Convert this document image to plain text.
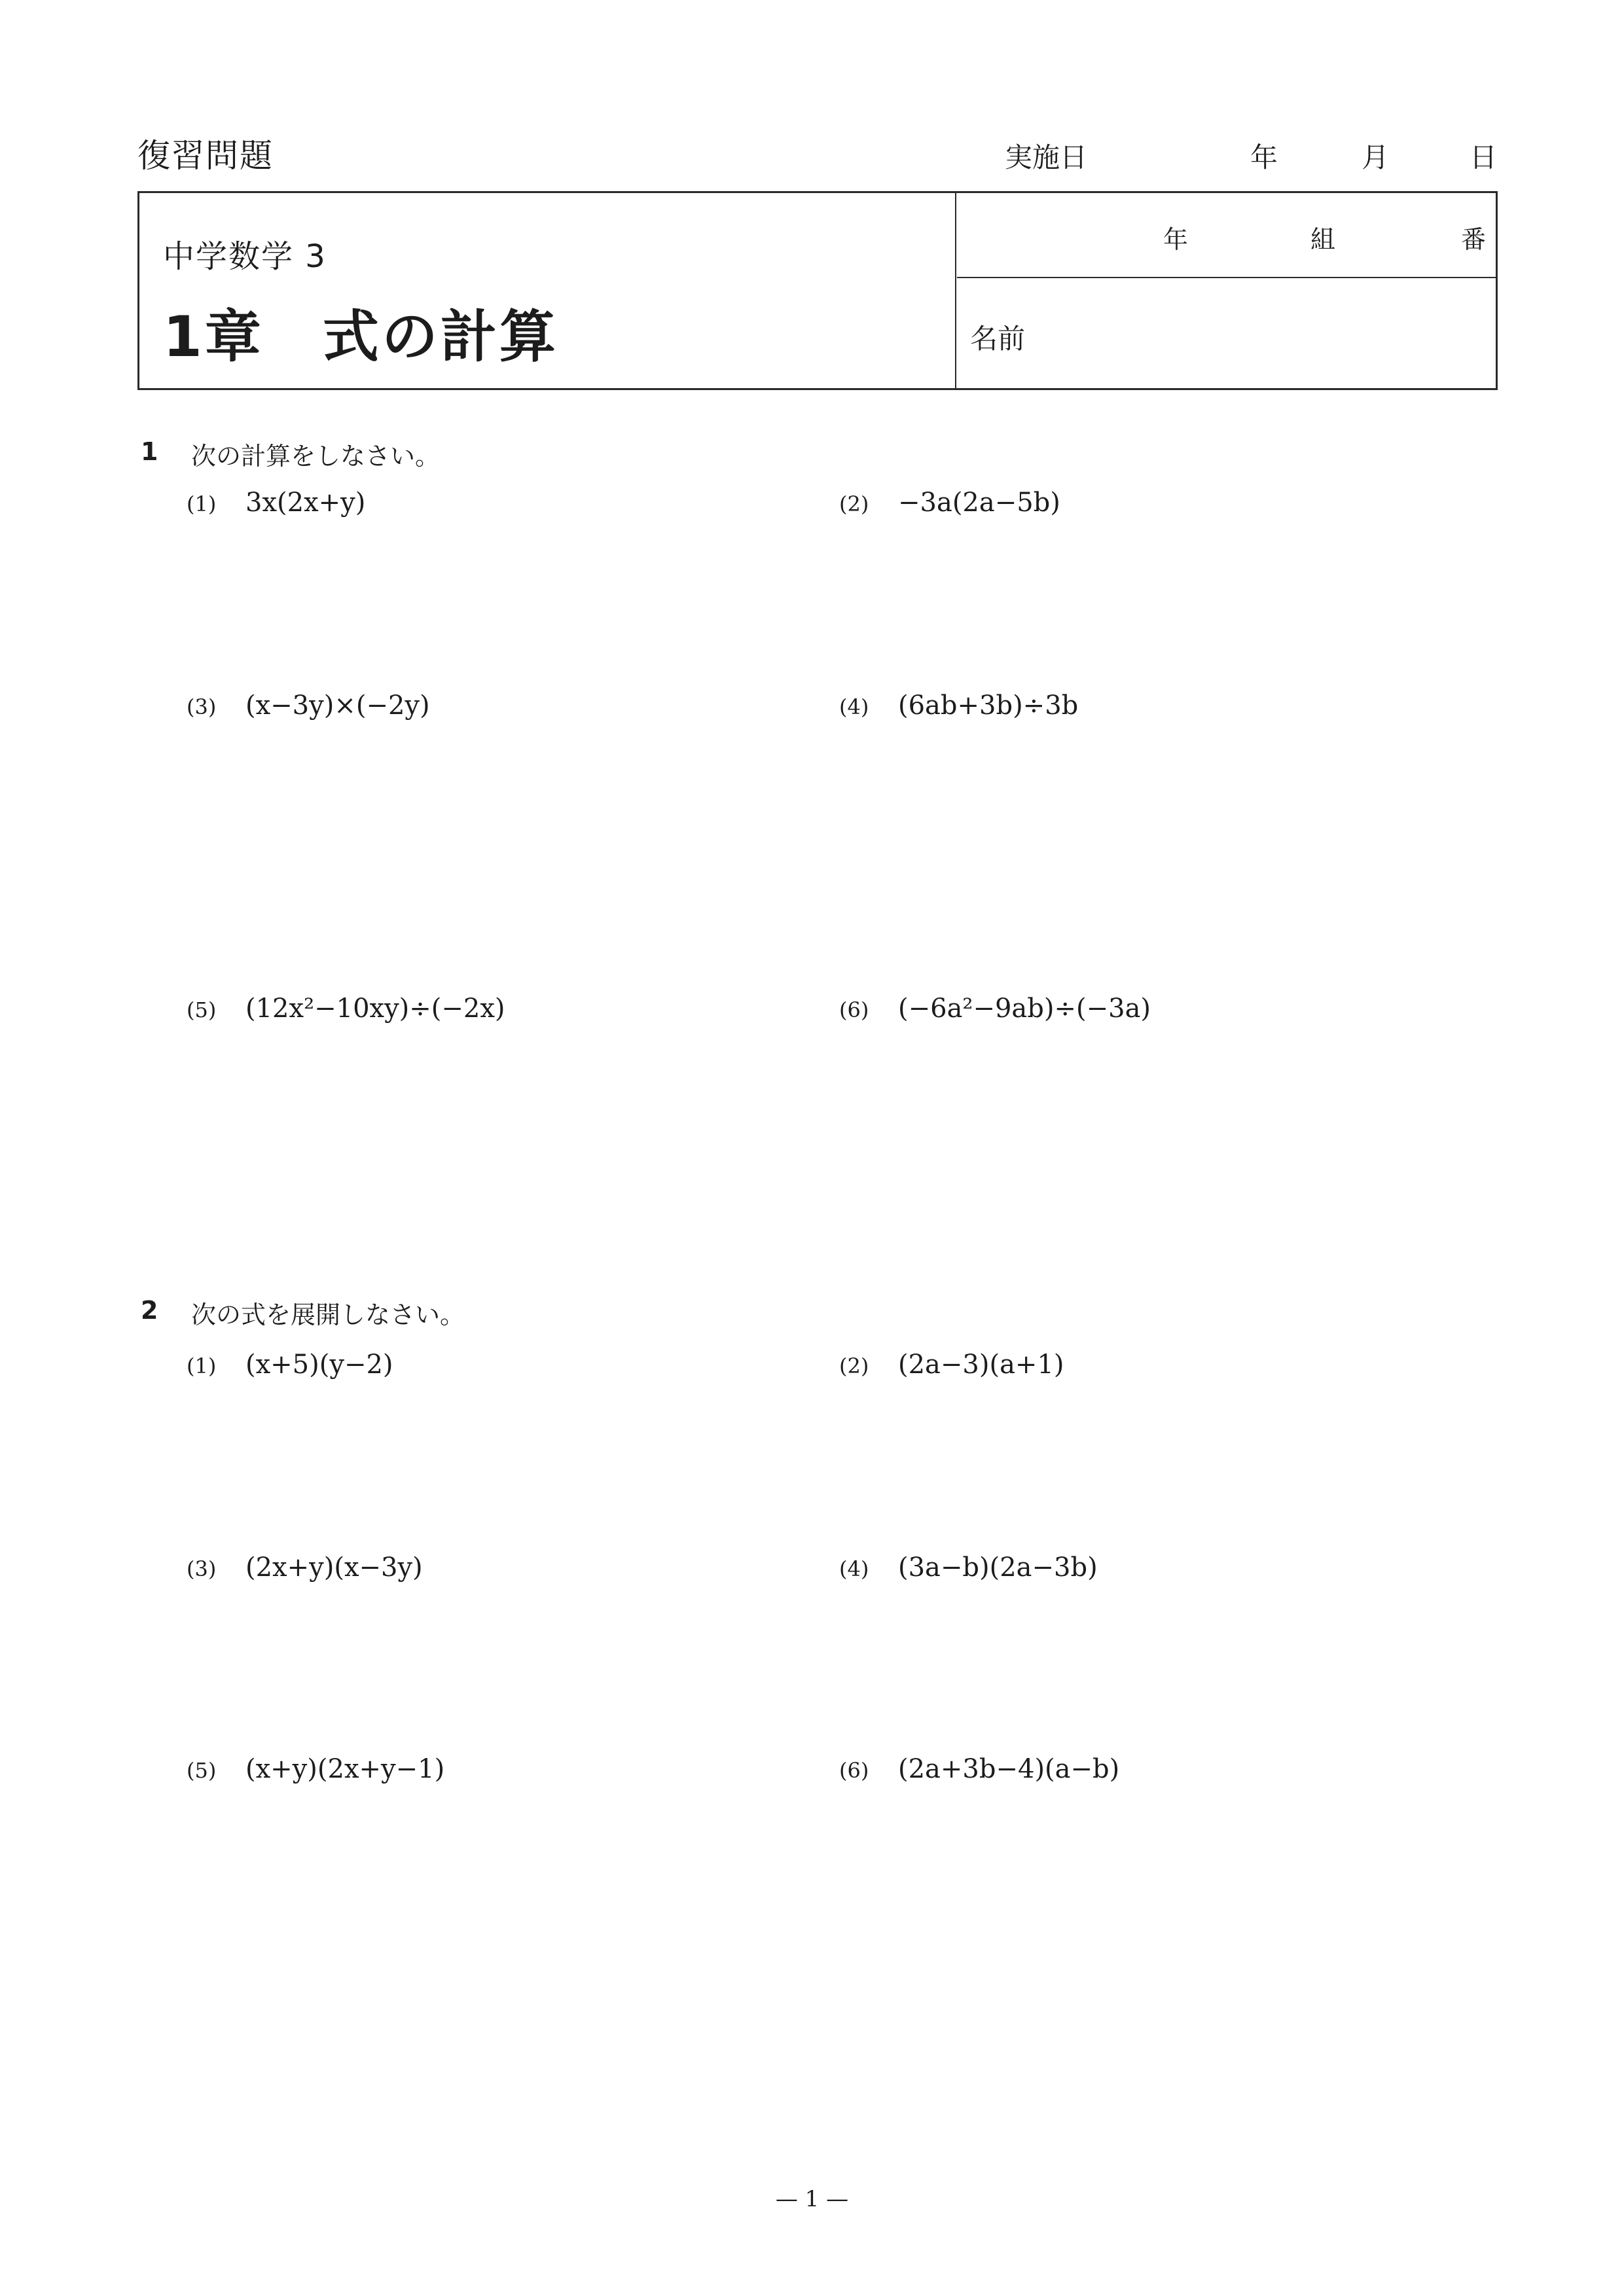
復習問題	実施日	年	月	日
中学数学 3
1章　式の計算
年	組	番
名前
1 次の計算をしなさい。
(1) 3x(2x+y)	(2) −3a(2a−5b)
(3) (x−3y)×(−2y)	(4) (6ab+3b)÷3b
(5) (12x²−10xy)÷(−2x)	(6) (−6a²−9ab)÷(−3a)
2 次の式を展開しなさい。
(1) (x+5)(y−2)	(2) (2a−3)(a+1)
(3) (2x+y)(x−3y)	(4) (3a−b)(2a−3b)
(5) (x+y)(2x+y−1)	(6) (2a+3b−4)(a−b)
— 1 —
